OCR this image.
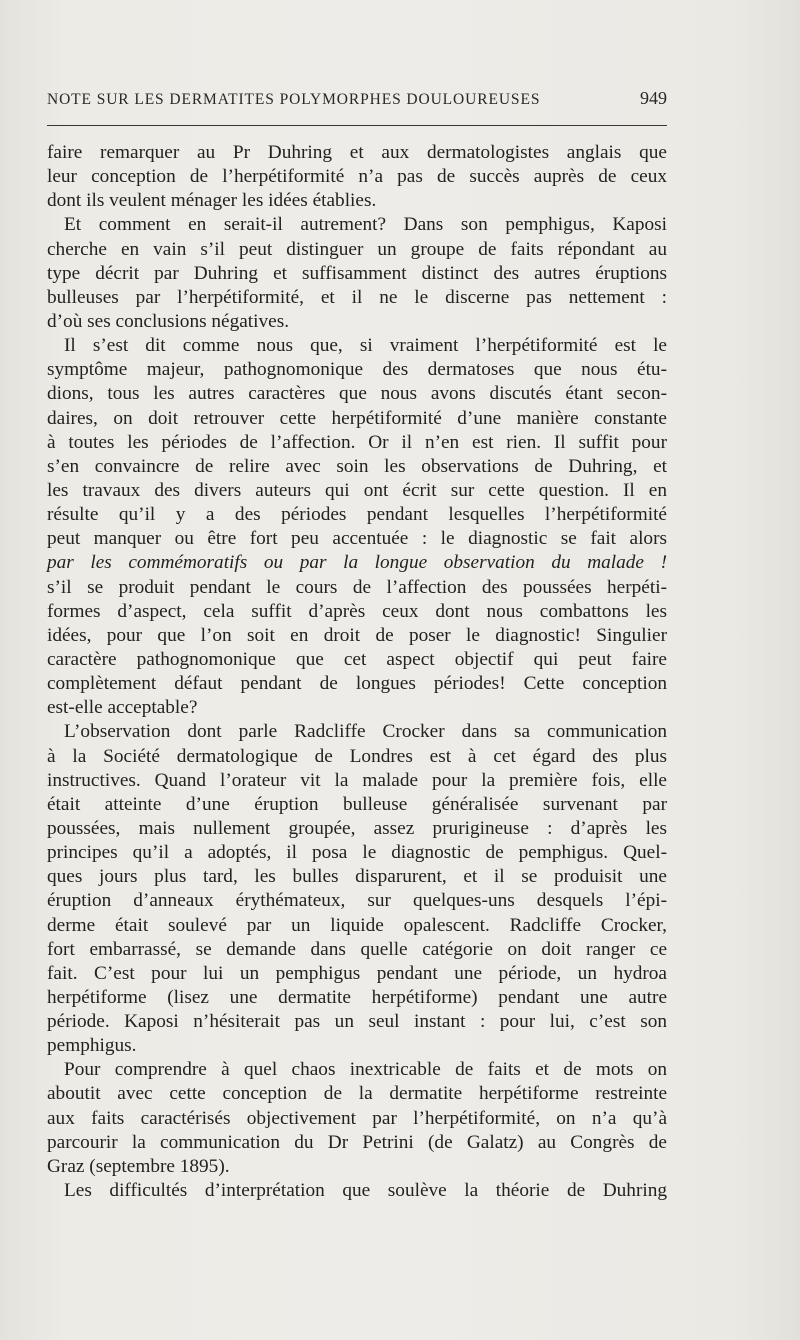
NOTE SUR LES DERMATITES POLYMORPHES DOULOUREUSES	949
faire remarquer au Pr Duhring et aux dermatologistes anglais que
leur conception de l’herpétiformité n’a pas de succès auprès de ceux
dont ils veulent ménager les idées établies.
Et comment en serait-il autrement? Dans son pemphigus, Kaposi
cherche en vain s’il peut distinguer un groupe de faits répondant au
type décrit par Duhring et suffisamment distinct des autres éruptions
bulleuses par l’herpétiformité, et il ne le discerne pas nettement :
d’où ses conclusions négatives.
Il s’est dit comme nous que, si vraiment l’herpétiformité est le
symptôme majeur, pathognomonique des dermatoses que nous étu-
dions, tous les autres caractères que nous avons discutés étant secon-
daires, on doit retrouver cette herpétiformité d’une manière constante
à toutes les périodes de l’affection. Or il n’en est rien. Il suffit pour
s’en convaincre de relire avec soin les observations de Duhring, et
les travaux des divers auteurs qui ont écrit sur cette question. Il en
résulte qu’il y a des périodes pendant lesquelles l’herpétiformité
peut manquer ou être fort peu accentuée : le diagnostic se fait alors
par les commémoratifs ou par la longue observation du malade !
s’il se produit pendant le cours de l’affection des poussées herpéti-
formes d’aspect, cela suffit d’après ceux dont nous combattons les
idées, pour que l’on soit en droit de poser le diagnostic! Singulier
caractère pathognomonique que cet aspect objectif qui peut faire
complètement défaut pendant de longues périodes! Cette conception
est-elle acceptable?
L’observation dont parle Radcliffe Crocker dans sa communication
à la Société dermatologique de Londres est à cet égard des plus
instructives. Quand l’orateur vit la malade pour la première fois, elle
était atteinte d’une éruption bulleuse généralisée survenant par
poussées, mais nullement groupée, assez prurigineuse : d’après les
principes qu’il a adoptés, il posa le diagnostic de pemphigus. Quel-
ques jours plus tard, les bulles disparurent, et il se produisit une
éruption d’anneaux érythémateux, sur quelques-uns desquels l’épi-
derme était soulevé par un liquide opalescent. Radcliffe Crocker,
fort embarrassé, se demande dans quelle catégorie on doit ranger ce
fait. C’est pour lui un pemphigus pendant une période, un hydroa
herpétiforme (lisez une dermatite herpétiforme) pendant une autre
période. Kaposi n’hésiterait pas un seul instant : pour lui, c’est son
pemphigus.
Pour comprendre à quel chaos inextricable de faits et de mots on
aboutit avec cette conception de la dermatite herpétiforme restreinte
aux faits caractérisés objectivement par l’herpétiformité, on n’a qu’à
parcourir la communication du Dr Petrini (de Galatz) au Congrès de
Graz (septembre 1895).
Les difficultés d’interprétation que soulève la théorie de Duhring
